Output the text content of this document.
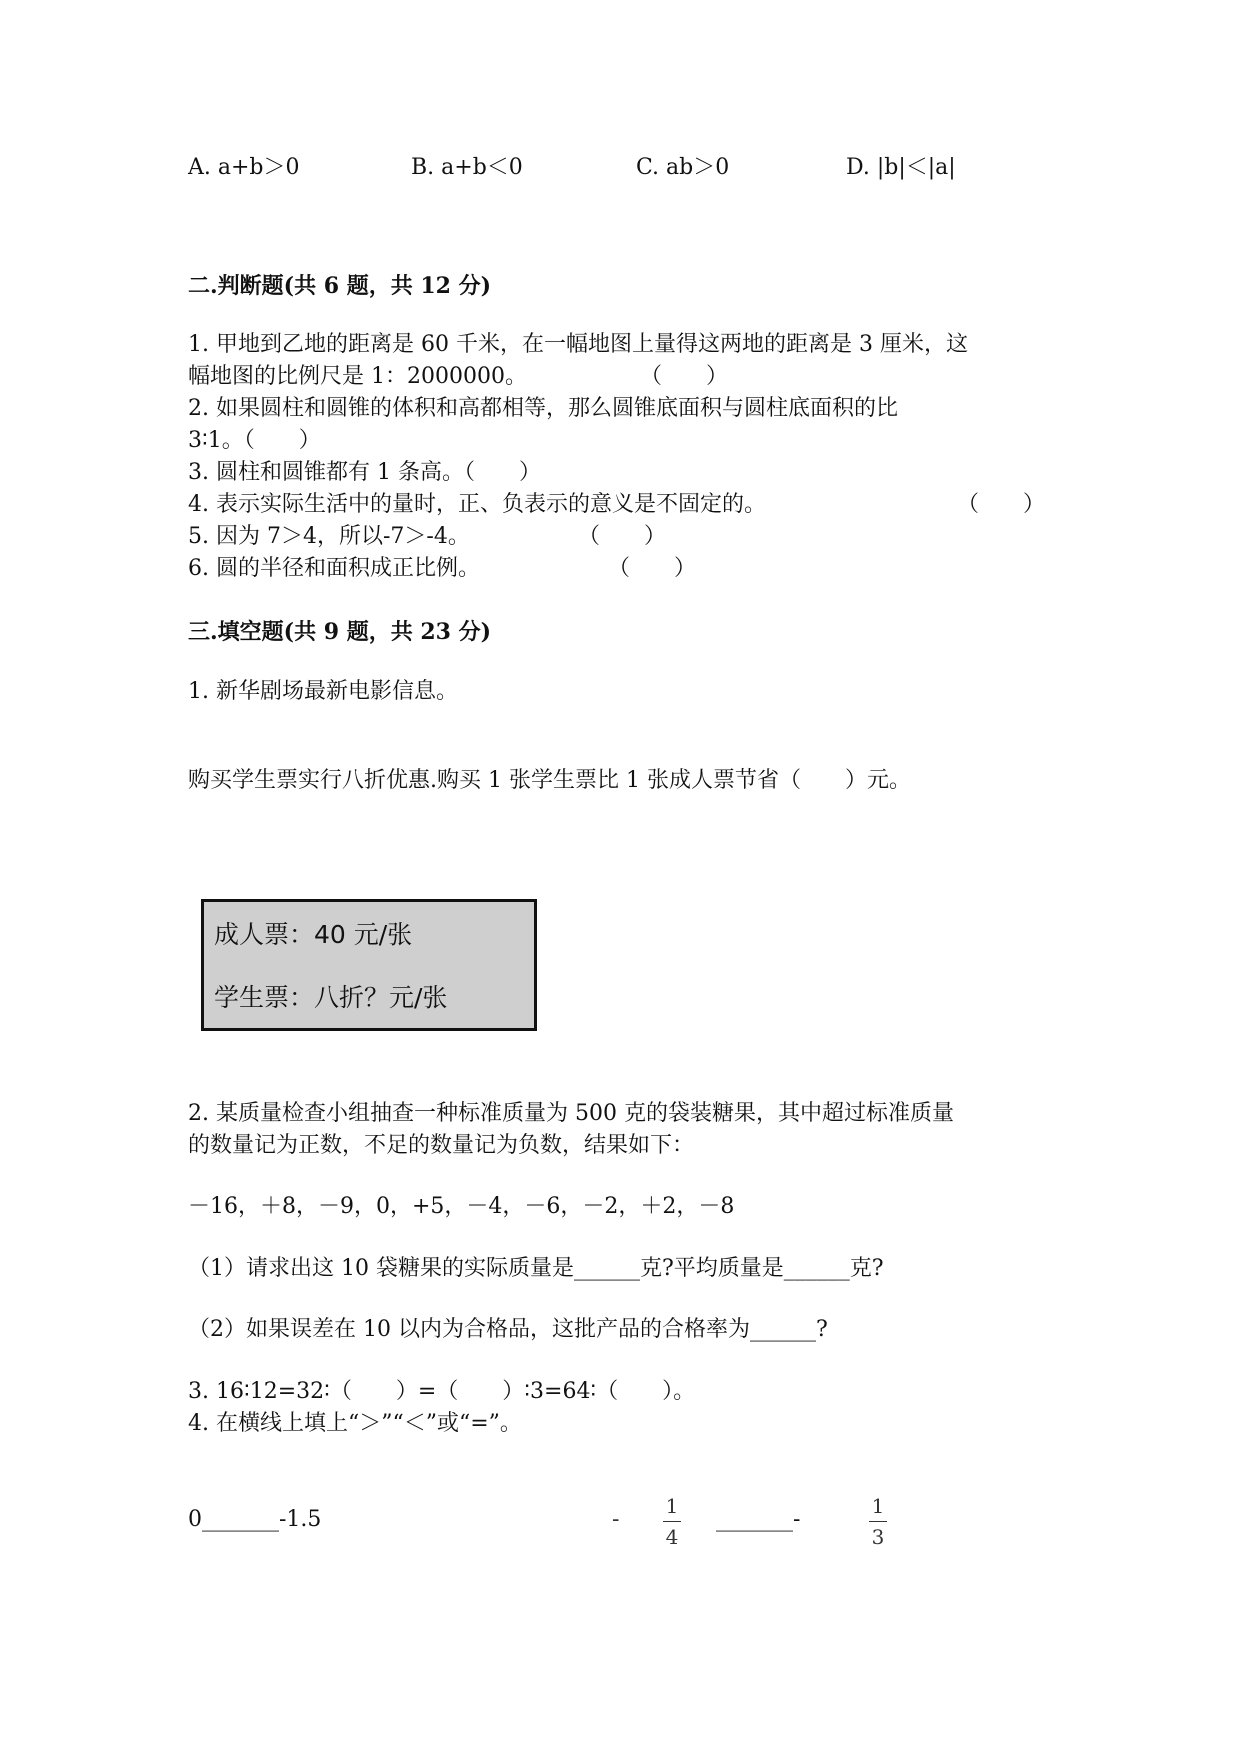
A. a+b＞0	B. a+b＜0	C. ab＞0	D. |b|＜|a|
二.判断题(共 6 题，共 12 分)
1. 甲地到乙地的距离是 60 千米，在一幅地图上量得这两地的距离是 3 厘米，这
幅地图的比例尺是 1：2000000。	（　　）
2. 如果圆柱和圆锥的体积和高都相等，那么圆锥底面积与圆柱底面积的比
3∶1。（　　）
3. 圆柱和圆锥都有 1 条高。（　　）
4. 表示实际生活中的量时，正、负表示的意义是不固定的。	（　　）
5. 因为 7＞4，所以-7＞-4。	（　　）
6. 圆的半径和面积成正比例。	（　　）
三.填空题(共 9 题，共 23 分)
1. 新华剧场最新电影信息。
购买学生票实行八折优惠.购买 1 张学生票比 1 张成人票节省（　　）元。
成人票：40 元/张
学生票：八折？元/张
2. 某质量检查小组抽查一种标准质量为 500 克的袋装糖果，其中超过标准质量
的数量记为正数，不足的数量记为负数，结果如下：
－16，＋8，－9，0，+5，－4，－6，－2，＋2，－8
（1）请求出这 10 袋糖果的实际质量是______克?平均质量是______克?
（2）如果误差在 10 以内为合格品，这批产品的合格率为______?
3. 16∶12=32∶（　　）=（　　）∶3=64∶（　　）。
4. 在横线上填上“＞”“＜”或“=”。
0_______-1.5	-
1
4
_______-
1
3
